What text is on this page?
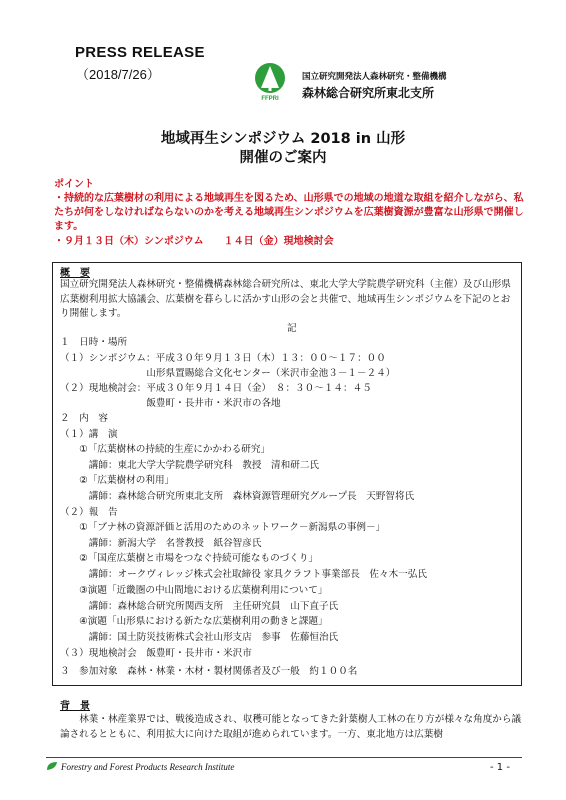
PRESS RELEASE
（2018/7/26）
FFPRI
国立研究開発法人森林研究・整備機構
森林総合研究所東北支所
地域再生シンポジウム 2018 in 山形
開催のご案内
ポイント
・持続的な広葉樹材の利用による地域再生を図るため、山形県での地域の地道な取組を紹介しながら、私たちが何をしなければならないのかを考える地域再生シンポジウムを広葉樹資源が豊富な山形県で開催します。
・９月１３日（木）シンポジウム　　１４日（金）現地検討会
概　要
国立研究開発法人森林研究・整備機構森林総合研究所は、東北大学大学院農学研究科（主催）及び山形県広葉樹利用拡大協議会、広葉樹を暮らしに活かす山形の会と共催で、地域再生シンポジウムを下記のとおり開催します。
記
１　日時・場所
（１）シンポジウム：平成３０年９月１３日（木）１３：００～１７：００
　　　　　　　　　山形県置賜総合文化センター（米沢市金池３－１－２４）
（２）現地検討会：平成３０年９月１４日（金）　８：３０～１４：４５
　　　　　　　　　飯豊町・長井市・米沢市の各地
２　内　容
（１）講　演
　　①「広葉樹林の持続的生産にかかわる研究」
　　　講師：東北大学大学院農学研究科　教授　清和研二氏
　　②「広葉樹材の利用」
　　　講師：森林総合研究所東北支所　森林資源管理研究グループ長　天野智将氏
（２）報　告
　　①「ブナ林の資源評価と活用のためのネットワーク－新潟県の事例－」
　　　講師：新潟大学　名誉教授　紙谷智彦氏
　　②「国産広葉樹と市場をつなぐ持続可能なものづくり」
　　　講師：オークヴィレッジ株式会社取締役 家具クラフト事業部長　佐々木一弘氏
　　③演題「近畿圏の中山間地における広葉樹利用について」
　　　講師：森林総合研究所関西支所　主任研究員　山下直子氏
　　④演題「山形県における新たな広葉樹利用の動きと課題」
　　　講師：国土防災技術株式会社山形支店　参事　佐藤恒治氏
（３）現地検討会　飯豊町・長井市・米沢市
３　参加対象　森林・林業・木材・製材関係者及び一般　約１００名
背　景
林業・林産業界では、戦後造成され、収穫可能となってきた針葉樹人工林の在り方が様々な角度から議論されるとともに、利用拡大に向けた取組が進められています。一方、東北地方は広葉樹
Forestry and Forest Products Research Institute	- 1 -
